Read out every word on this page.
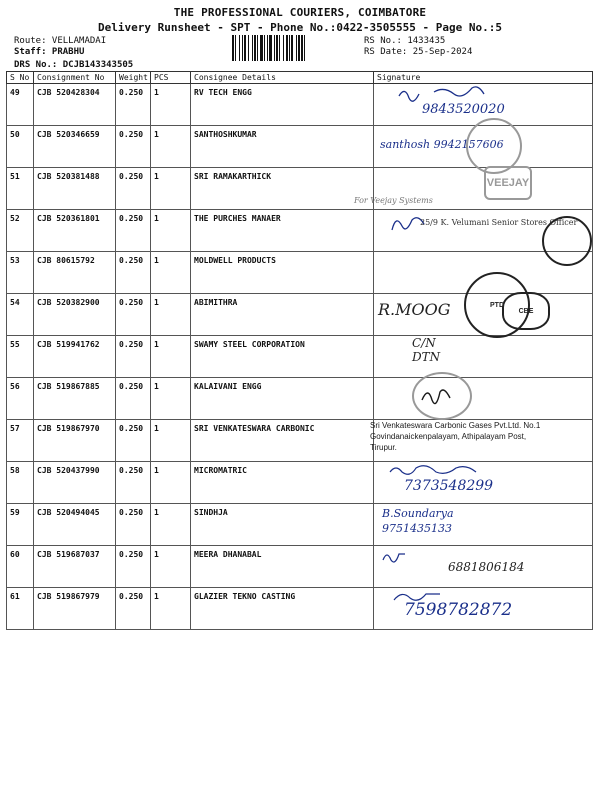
THE PROFESSIONAL COURIERS, COIMBATORE
Delivery Runsheet - SPT - Phone No.:0422-3505555 - Page No.:5
Route: VELLAMADAI
Staff: PRABHU
DRS No.: DCJB143343505
RS No.: 1433435
RS Date: 25-Sep-2024
S No	Consignment No	Weight	PCS	Consignee Details	Signature
49	CJB 520428304	0.250	1	RV TECH ENGG	9843520020

50	CJB 520346659	0.250	1	SANTHOSHKUMAR	santhosh 9942157606

51	CJB 520381488	0.250	1	SRI RAMAKARTHICK	VEEJAY
For Veejay Systems

52	CJB 520361801	0.250	1	THE PURCHES MANAER	25/9 K. Velumani Senior Stores Officer

53	CJB 80615792	0.250	1	MOLDWELL PRODUCTS	

54	CJB 520382900	0.250	1	ABIMITHRA	R.MOOG PTD
CBE

55	CJB 519941762	0.250	1	SWAMY STEEL CORPORATION	C/N DTN

56	CJB 519867885	0.250	1	KALAIVANI ENGG	

57	CJB 519867970	0.250	1	SRI VENKATESWARA CARBONIC	Sri Venkateswara Carbonic Gases Pvt.Ltd. No.1 Govindanaickenpalayam, Athipalayam Post, Tirupur.

58	CJB 520437990	0.250	1	MICROMATRIC	7373548299

59	CJB 520494045	0.250	1	SINDHJA	B.Soundarya 9751435133

60	CJB 519687037	0.250	1	MEERA DHANABAL	6881806184

61	CJB 519867979	0.250	1	GLAZIER TEKNO CASTING	7598782872
